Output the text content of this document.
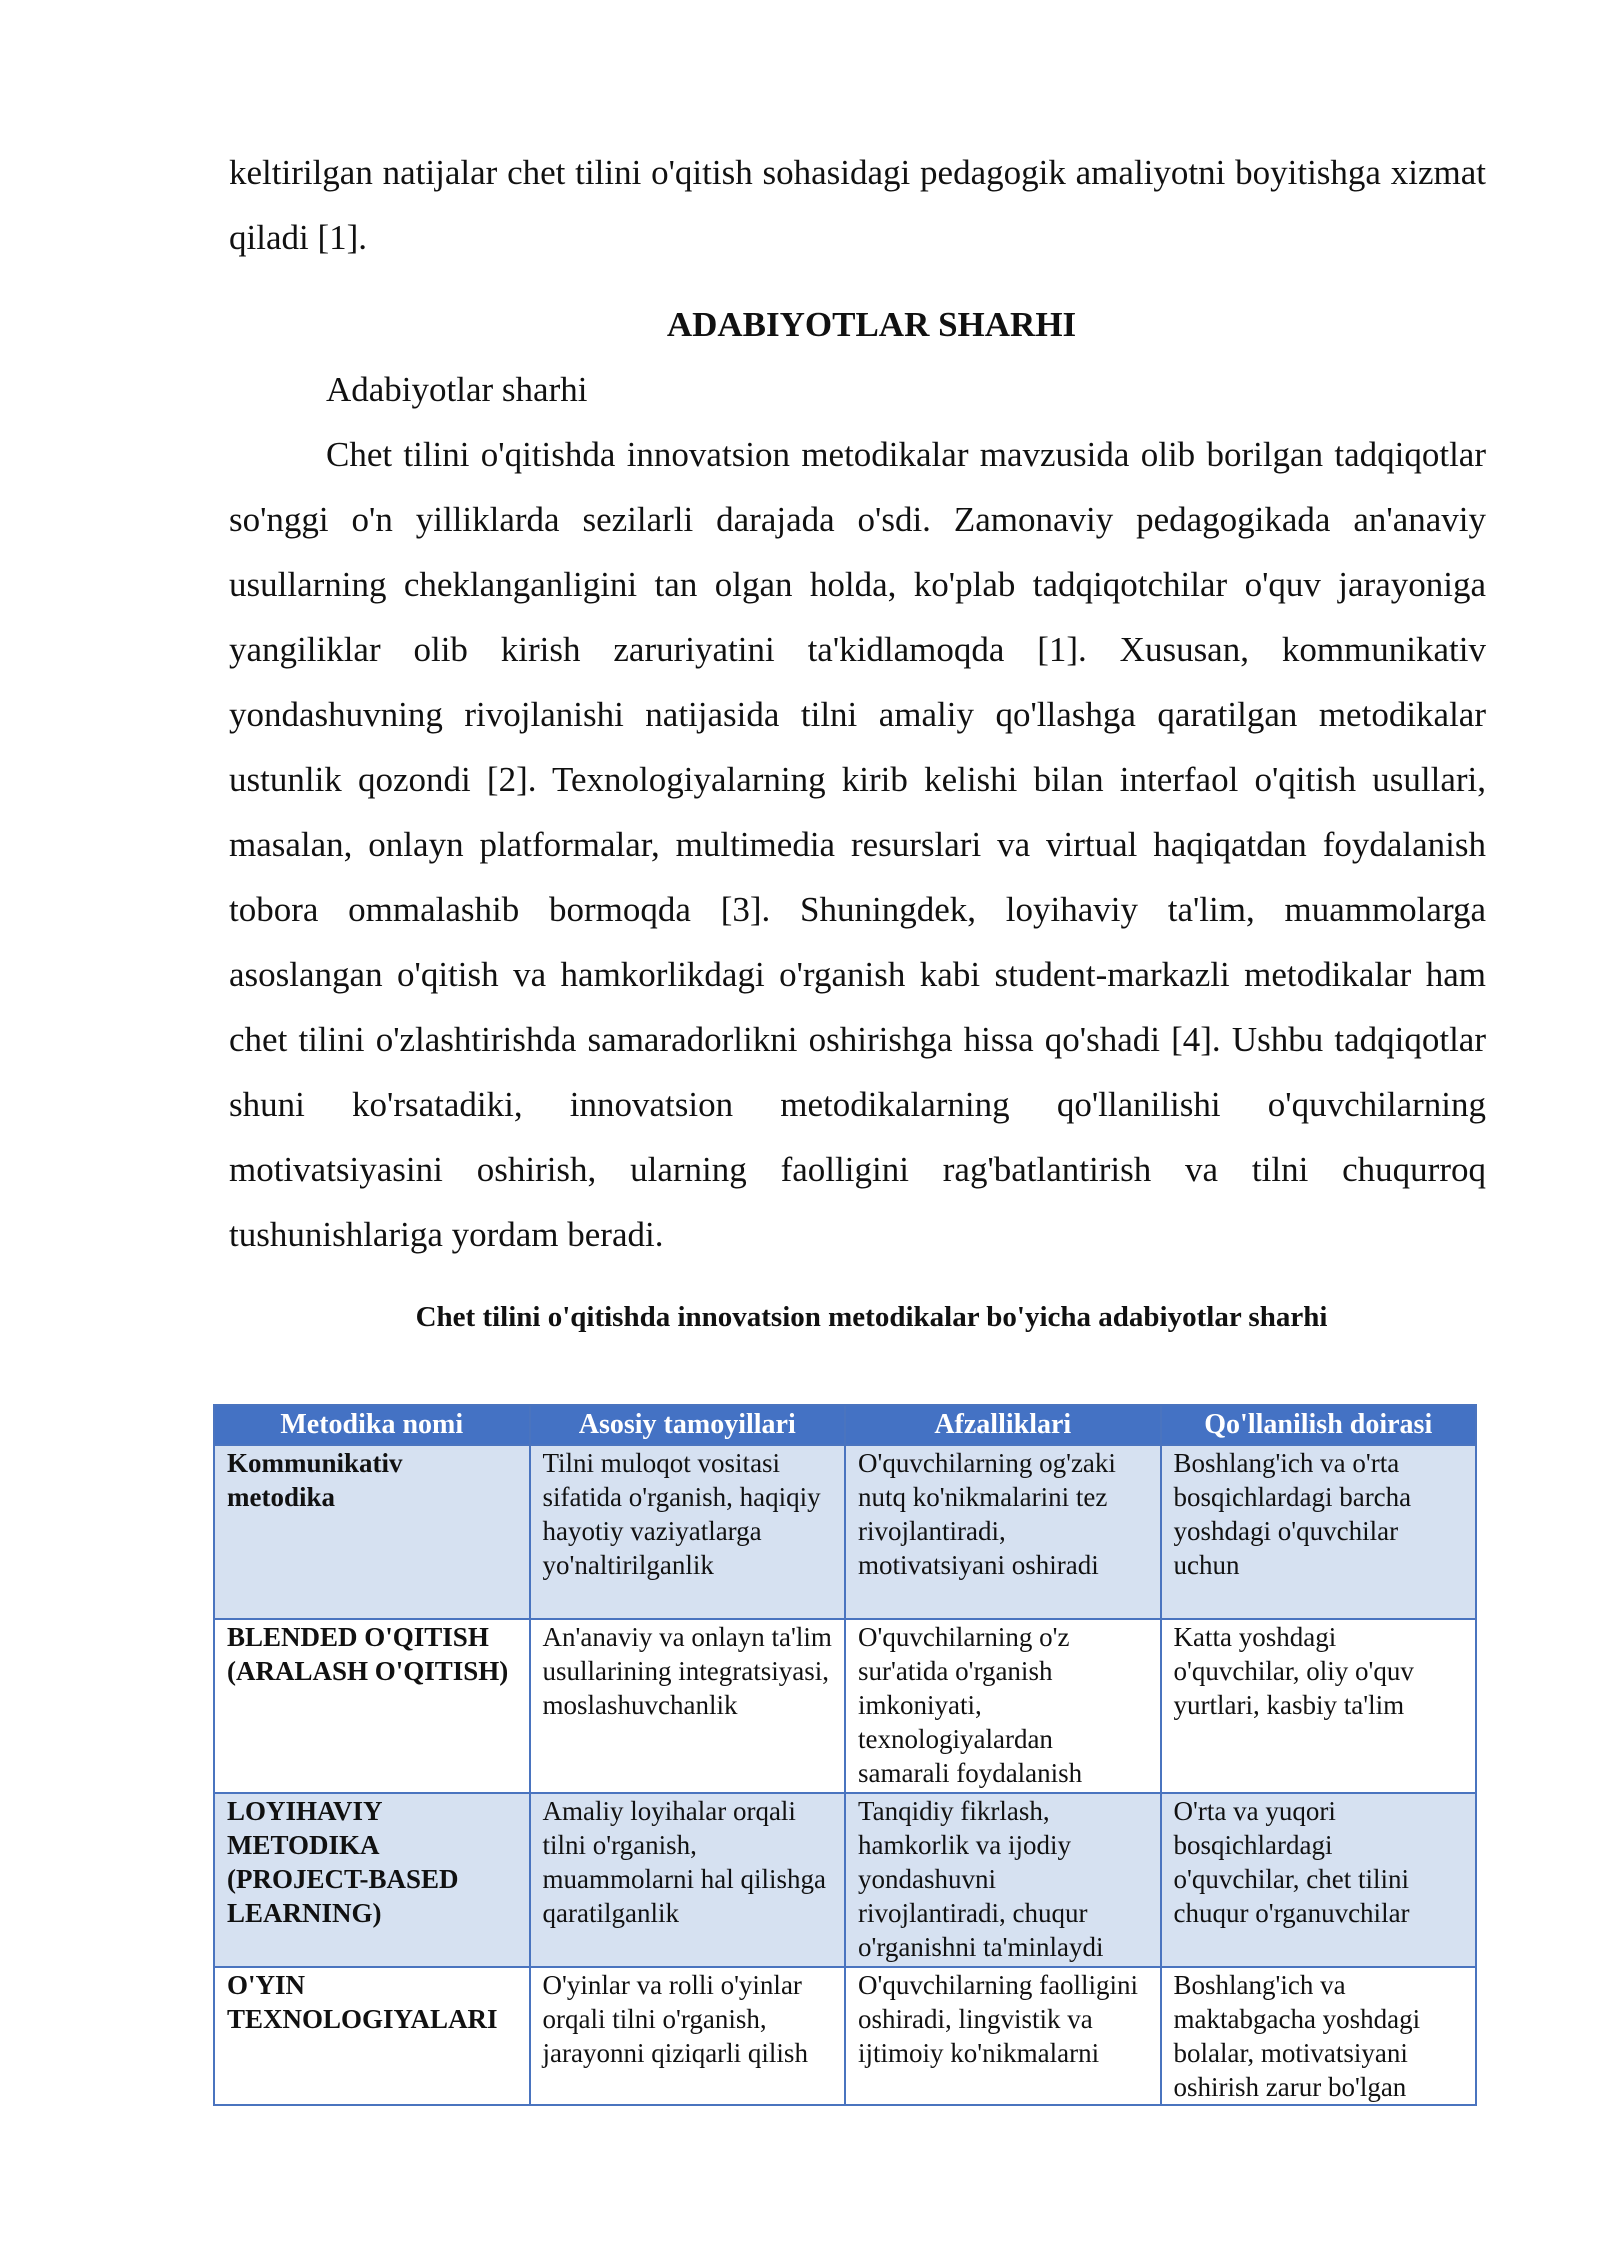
keltirilgan natijalar chet tilini o'qitish sohasidagi pedagogik amaliyotni boyitishga xizmat qiladi [1].

ADABIYOTLAR SHARHI

Adabiyotlar sharhi

Chet tilini o'qitishda innovatsion metodikalar mavzusida olib borilgan tadqiqotlar so'nggi o'n yilliklarda sezilarli darajada o'sdi. Zamonaviy pedagogikada an'anaviy usullarning cheklanganligini tan olgan holda, ko'plab tadqiqotchilar o'quv jarayoniga yangiliklar olib kirish zaruriyatini ta'kidlamoqda [1]. Xususan, kommunikativ yondashuvning rivojlanishi natijasida tilni amaliy qo'llashga qaratilgan metodikalar ustunlik qozondi [2]. Texnologiyalarning kirib kelishi bilan interfaol o'qitish usullari, masalan, onlayn platformalar, multimedia resurslari va virtual haqiqatdan foydalanish tobora ommalashib bormoqda [3]. Shuningdek, loyihaviy ta'lim, muammolarga asoslangan o'qitish va hamkorlikdagi o'rganish kabi student-markazli metodikalar ham chet tilini o'zlashtirishda samaradorlikni oshirishga hissa qo'shadi [4]. Ushbu tadqiqotlar shuni ko'rsatadiki, innovatsion metodikalarning qo'llanilishi o'quvchilarning motivatsiyasini oshirish, ularning faolligini rag'batlantirish va tilni chuqurroq tushunishlariga yordam beradi.

Chet tilini o'qitishda innovatsion metodikalar bo'yicha adabiyotlar sharhi

Metodika nomi	Asosiy tamoyillari	Afzalliklari	Qo'llanilish doirasi
Kommunikativ metodika	Tilni muloqot vositasi sifatida o'rganish, haqiqiy hayotiy vaziyatlarga yo'naltirilganlik	O'quvchilarning og'zaki nutq ko'nikmalarini tez rivojlantiradi, motivatsiyani oshiradi	Boshlang'ich va o'rta bosqichlardagi barcha yoshdagi o'quvchilar uchun
BLENDED O'QITISH (ARALASH O'QITISH)	An'anaviy va onlayn ta'lim usullarining integratsiyasi, moslashuvchanlik	O'quvchilarning o'z sur'atida o'rganish imkoniyati, texnologiyalardan samarali foydalanish	Katta yoshdagi o'quvchilar, oliy o'quv yurtlari, kasbiy ta'lim
LOYIHAVIY METODIKA (PROJECT-BASED LEARNING)	Amaliy loyihalar orqali tilni o'rganish, muammolarni hal qilishga qaratilganlik	Tanqidiy fikrlash, hamkorlik va ijodiy yondashuvni rivojlantiradi, chuqur o'rganishni ta'minlaydi	O'rta va yuqori bosqichlardagi o'quvchilar, chet tilini chuqur o'rganuvchilar
O'YIN TEXNOLOGIYALARI	O'yinlar va rolli o'yinlar orqali tilni o'rganish, jarayonni qiziqarli qilish	O'quvchilarning faolligini oshiradi, lingvistik va ijtimoiy ko'nikmalarni	Boshlang'ich va maktabgacha yoshdagi bolalar, motivatsiyani oshirish zarur bo'lgan
